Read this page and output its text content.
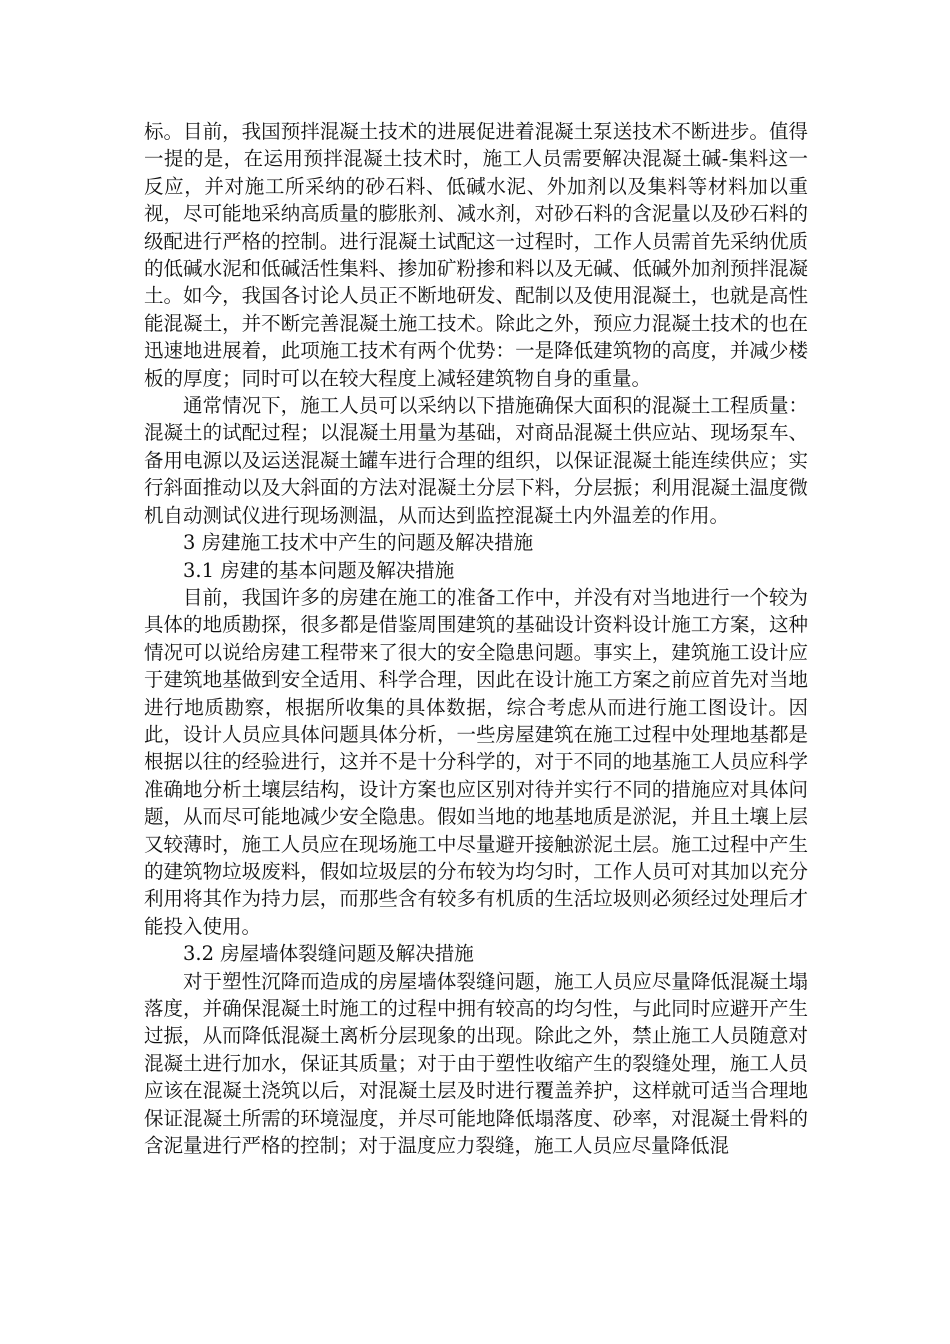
标。目前，我国预拌混凝土技术的进展促进着混凝土泵送技术不断进步。值得一提的是，在运用预拌混凝土技术时，施工人员需要解决混凝土碱-集料这一反应，并对施工所采纳的砂石料、低碱水泥、外加剂以及集料等材料加以重视，尽可能地采纳高质量的膨胀剂、减水剂，对砂石料的含泥量以及砂石料的级配进行严格的控制。进行混凝土试配这一过程时，工作人员需首先采纳优质的低碱水泥和低碱活性集料、掺加矿粉掺和料以及无碱、低碱外加剂预拌混凝土。如今，我国各讨论人员正不断地研发、配制以及使用混凝土，也就是高性能混凝土，并不断完善混凝土施工技术。除此之外，预应力混凝土技术的也在迅速地进展着，此项施工技术有两个优势：一是降低建筑物的高度，并减少楼板的厚度；同时可以在较大程度上减轻建筑物自身的重量。

通常情况下，施工人员可以采纳以下措施确保大面积的混凝土工程质量：混凝土的试配过程；以混凝土用量为基础，对商品混凝土供应站、现场泵车、备用电源以及运送混凝土罐车进行合理的组织，以保证混凝土能连续供应；实行斜面推动以及大斜面的方法对混凝土分层下料，分层振；利用混凝土温度微机自动测试仪进行现场测温，从而达到监控混凝土内外温差的作用。

3 房建施工技术中产生的问题及解决措施

3.1 房建的基本问题及解决措施

目前，我国许多的房建在施工的准备工作中，并没有对当地进行一个较为具体的地质勘探，很多都是借鉴周围建筑的基础设计资料设计施工方案，这种情况可以说给房建工程带来了很大的安全隐患问题。事实上，建筑施工设计应于建筑地基做到安全适用、科学合理，因此在设计施工方案之前应首先对当地进行地质勘察，根据所收集的具体数据，综合考虑从而进行施工图设计。因此，设计人员应具体问题具体分析，一些房屋建筑在施工过程中处理地基都是根据以往的经验进行，这并不是十分科学的，对于不同的地基施工人员应科学准确地分析土壤层结构，设计方案也应区别对待并实行不同的措施应对具体问题，从而尽可能地减少安全隐患。假如当地的地基地质是淤泥，并且土壤上层又较薄时，施工人员应在现场施工中尽量避开接触淤泥土层。施工过程中产生的建筑物垃圾废料，假如垃圾层的分布较为均匀时，工作人员可对其加以充分利用将其作为持力层，而那些含有较多有机质的生活垃圾则必须经过处理后才能投入使用。

3.2 房屋墙体裂缝问题及解决措施

对于塑性沉降而造成的房屋墙体裂缝问题，施工人员应尽量降低混凝土塌落度，并确保混凝土时施工的过程中拥有较高的均匀性，与此同时应避开产生过振，从而降低混凝土离析分层现象的出现。除此之外，禁止施工人员随意对混凝土进行加水，保证其质量；对于由于塑性收缩产生的裂缝处理，施工人员应该在混凝土浇筑以后，对混凝土层及时进行覆盖养护，这样就可适当合理地保证混凝土所需的环境湿度，并尽可能地降低塌落度、砂率，对混凝土骨料的含泥量进行严格的控制；对于温度应力裂缝，施工人员应尽量降低混
